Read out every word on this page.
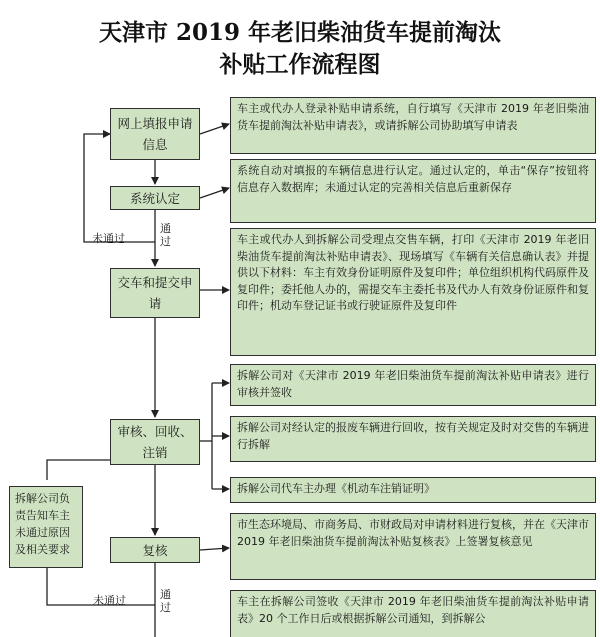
天津市 2019 年老旧柴油货车提前淘汰
补贴工作流程图
网上填报申请信息
系统认定
交车和提交申请
审核、回收、注销
复核
车主或代办人登录补贴申请系统，自行填写《天津市 2019 年老旧柴油货车提前淘汰补贴申请表》，或请拆解公司协助填写申请表
系统自动对填报的车辆信息进行认定。通过认定的，单击“保存”按钮将信息存入数据库；未通过认定的完善相关信息后重新保存
车主或代办人到拆解公司受理点交售车辆，打印《天津市 2019 年老旧柴油货车提前淘汰补贴申请表》、现场填写《车辆有关信息确认表》并提供以下材料：车主有效身份证明原件及复印件；单位组织机构代码原件及复印件；委托他人办的，需提交车主委托书及代办人有效身份证原件和复印件；机动车登记证书或行驶证原件及复印件
拆解公司对《天津市 2019 年老旧柴油货车提前淘汰补贴申请表》进行审核并签收
拆解公司对经认定的报废车辆进行回收，按有关规定及时对交售的车辆进行拆解
拆解公司代车主办理《机动车注销证明》
市生态环境局、市商务局、市财政局对申请材料进行复核，并在《天津市 2019 年老旧柴油货车提前淘汰补贴复核表》上签署复核意见
车主在拆解公司签收《天津市 2019 年老旧柴油货车提前淘汰补贴申请表》20 个工作日后或根据拆解公司通知，到拆解公
拆解公司负责告知车主未通过原因及相关要求
未通过
通过
未通过	通过
